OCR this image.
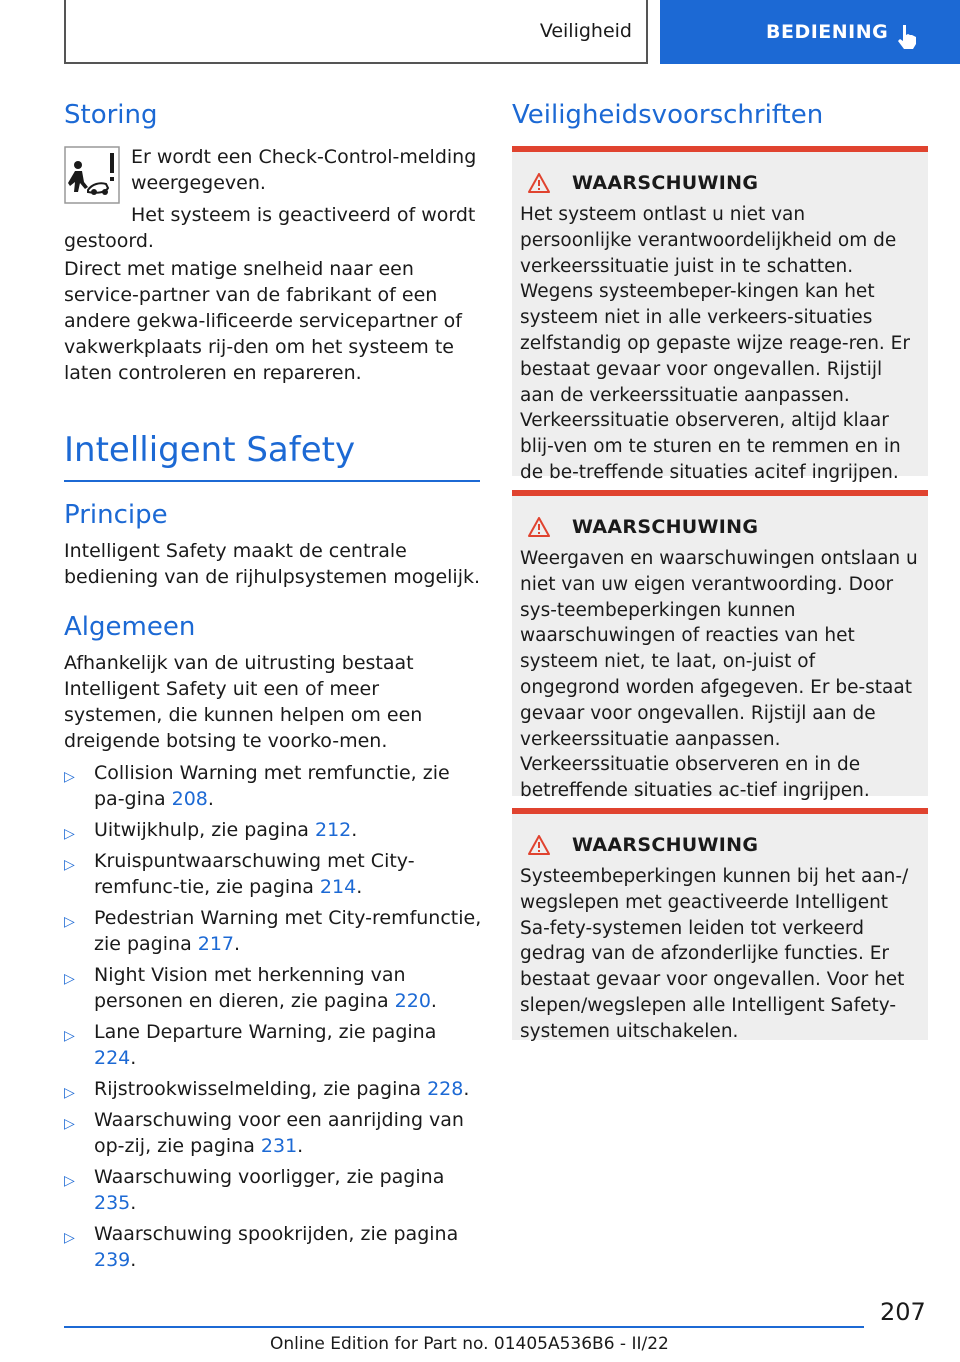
Veiligheid	BEDIENING
Storing
Er wordt een Check-Control-melding
weergegeven.
Het systeem is geactiveerd of wordt
gestoord.
Direct met matige snelheid naar een service-partner van de fabrikant of een andere gekwa-lificeerde servicepartner of vakwerkplaats rij-den om het systeem te laten controleren en repareren.
Intelligent Safety
Principe
Intelligent Safety maakt de centrale bediening van de rijhulpsystemen mogelijk.
Algemeen
Afhankelijk van de uitrusting bestaat Intelligent Safety uit een of meer systemen, die kunnen helpen om een dreigende botsing te voorko-men.
▷ Collision Warning met remfunctie, zie pa-gina 208.
▷ Uitwijkhulp, zie pagina 212.
▷ Kruispuntwaarschuwing met City-remfunc-tie, zie pagina 214.
▷ Pedestrian Warning met City-remfunctie, zie pagina 217.
▷ Night Vision met herkenning van personen en dieren, zie pagina 220.
▷ Lane Departure Warning, zie pagina 224.
▷ Rijstrookwisselmelding, zie pagina 228.
▷ Waarschuwing voor een aanrijding van op-zij, zie pagina 231.
▷ Waarschuwing voorligger, zie pagina 235.
▷ Waarschuwing spookrijden, zie pagina 239.
Veiligheidsvoorschriften
WAARSCHUWING
Het systeem ontlast u niet van persoonlijke verantwoordelijkheid om de verkeerssituatie juist in te schatten. Wegens systeembeper-kingen kan het systeem niet in alle verkeers-situaties zelfstandig op gepaste wijze reage-ren. Er bestaat gevaar voor ongevallen. Rijstijl aan de verkeerssituatie aanpassen. Verkeerssituatie observeren, altijd klaar blij-ven om te sturen en te remmen en in de be-treffende situaties acitef ingrijpen.
WAARSCHUWING
Weergaven en waarschuwingen ontslaan u niet van uw eigen verantwoording. Door sys-teembeperkingen kunnen waarschuwingen of reacties van het systeem niet, te laat, on-juist of ongegrond worden afgegeven. Er be-staat gevaar voor ongevallen. Rijstijl aan de verkeerssituatie aanpassen. Verkeerssituatie observeren en in de betreffende situaties ac-tief ingrijpen.
WAARSCHUWING
Systeembeperkingen kunnen bij het aan-/ wegslepen met geactiveerde Intelligent Sa-fety-systemen leiden tot verkeerd gedrag van de afzonderlijke functies. Er bestaat gevaar voor ongevallen. Voor het slepen/wegslepen alle Intelligent Safety-systemen uitschakelen.
207
Online Edition for Part no. 01405A536B6 - II/22
